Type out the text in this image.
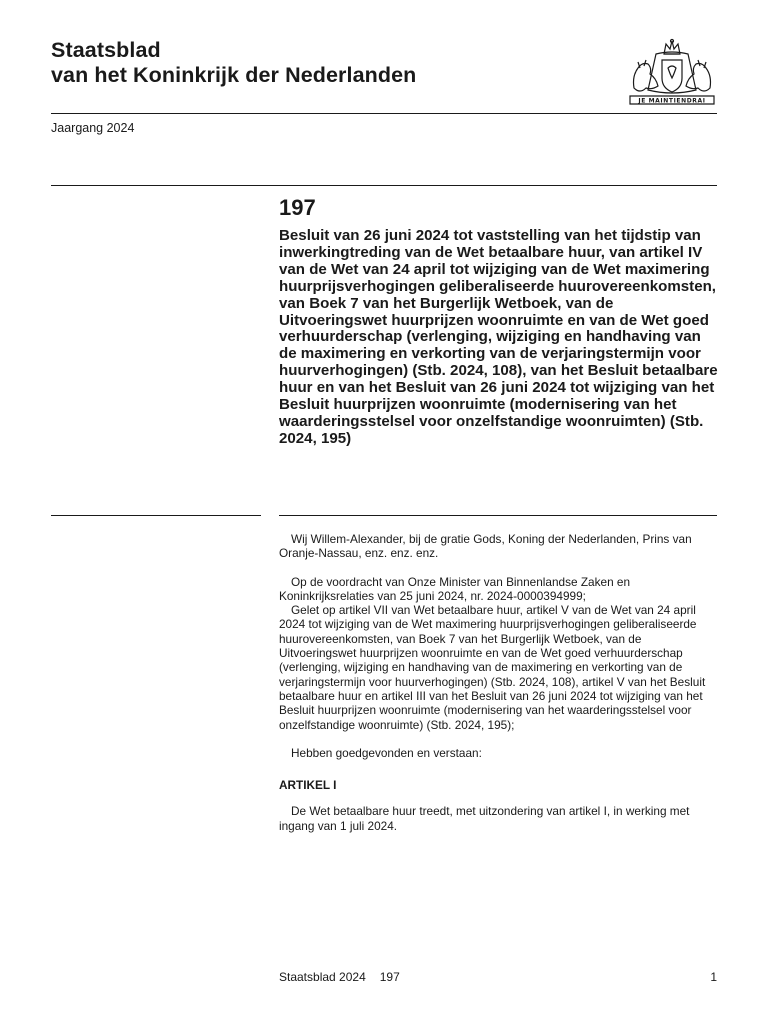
Staatsblad
van het Koninkrijk der Nederlanden
JE MAINTIENDRAI
Jaargang 2024
197
Besluit van 26 juni 2024 tot vaststelling van het tijdstip van inwerkingtreding van de Wet betaalbare huur, van artikel IV van de Wet van 24 april tot wijziging van de Wet maximering huurprijsverhogingen geliberaliseerde huurovereenkomsten, van Boek 7 van het Burgerlijk Wetboek, van de Uitvoeringswet huurprijzen woonruimte en van de Wet goed verhuurderschap (verlenging, wijziging en handhaving van de maximering en verkorting van de verjaringstermijn voor huurverhogingen) (Stb. 2024, 108), van het Besluit betaalbare huur en van het Besluit van 26 juni 2024 tot wijziging van het Besluit huurprijzen woonruimte (modernisering van het waarderingsstelsel voor onzelfstandige woonruimten) (Stb. 2024, 195)

Wij Willem-Alexander, bij de gratie Gods, Koning der Nederlanden, Prins van Oranje-Nassau, enz. enz. enz.

Op de voordracht van Onze Minister van Binnenlandse Zaken en Koninkrijksrelaties van 25 juni 2024, nr. 2024-0000394999;

Gelet op artikel VII van Wet betaalbare huur, artikel V van de Wet van 24 april 2024 tot wijziging van de Wet maximering huurprijsverhogingen geliberaliseerde huurovereenkomsten, van Boek 7 van het Burgerlijk Wetboek, van de Uitvoeringswet huurprijzen woonruimte en van de Wet goed verhuurderschap (verlenging, wijziging en handhaving van de maximering en verkorting van de verjaringstermijn voor huurverhogingen) (Stb. 2024, 108), artikel V van het Besluit betaalbare huur en artikel III van het Besluit van 26 juni 2024 tot wijziging van het Besluit huurprijzen woonruimte (modernisering van het waarderingsstelsel voor onzelfstandige woonruimte) (Stb. 2024, 195);

Hebben goedgevonden en verstaan:

ARTIKEL I

De Wet betaalbare huur treedt, met uitzondering van artikel I, in werking met ingang van 1 juli 2024.

Staatsblad 2024 197	1
